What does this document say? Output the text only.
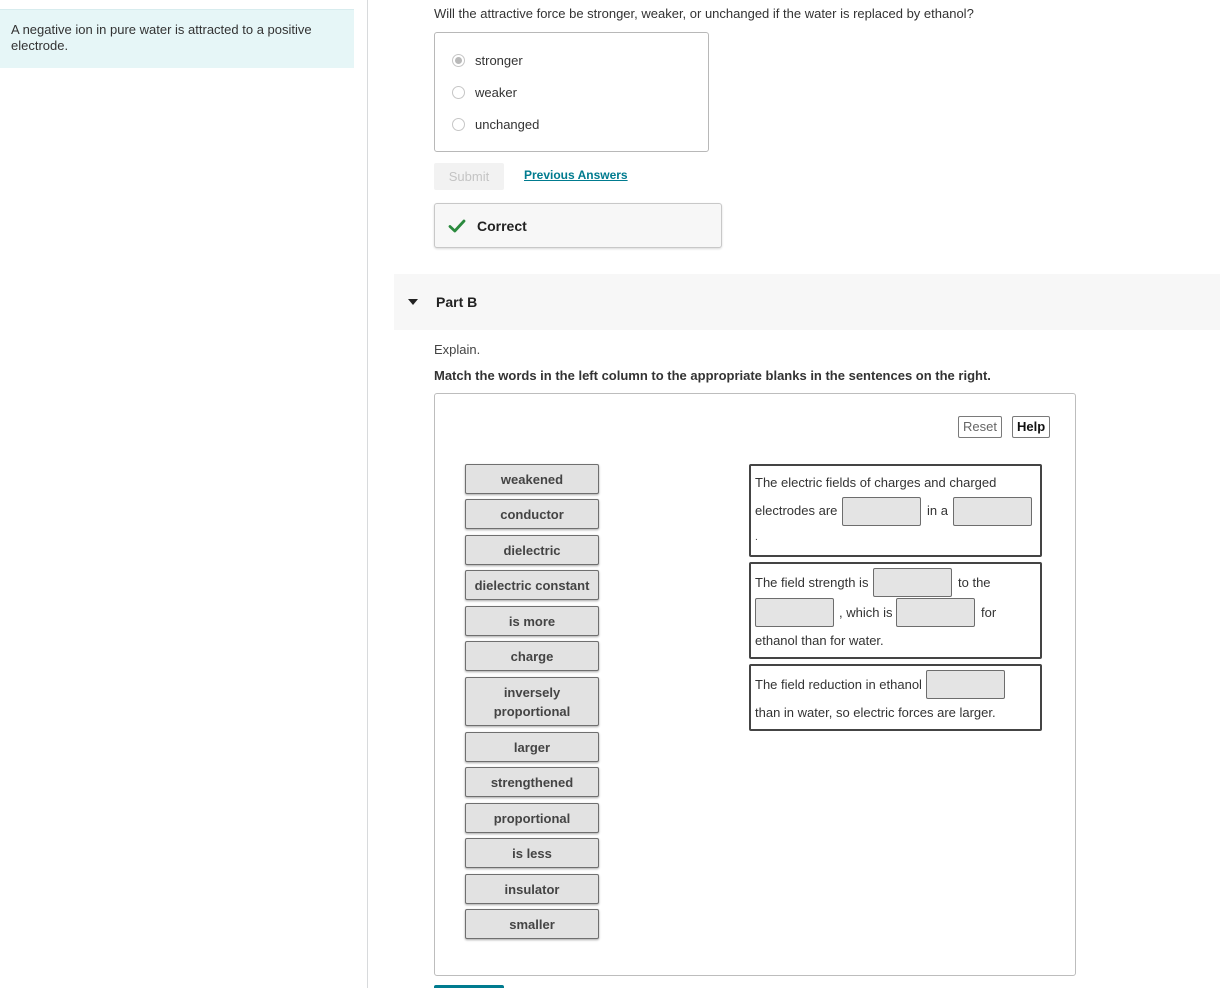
A negative ion in pure water is attracted to a positive electrode.
Will the attractive force be stronger, weaker, or unchanged if the water is replaced by ethanol?
stronger
weaker
unchanged
Submit	Previous Answers
Correct
Part B
Explain.
Match the words in the left column to the appropriate blanks in the sentences on the right.
Reset	Help
weakened
conductor
dielectric
dielectric constant
is more
charge
inversely proportional
larger
strengthened
proportional
is less
insulator
smaller
The electric fields of charges and charged
electrodes are	in a
.
The field strength is	to the
, which is	for
ethanol than for water.
The field reduction in ethanol
than in water, so electric forces are larger.
